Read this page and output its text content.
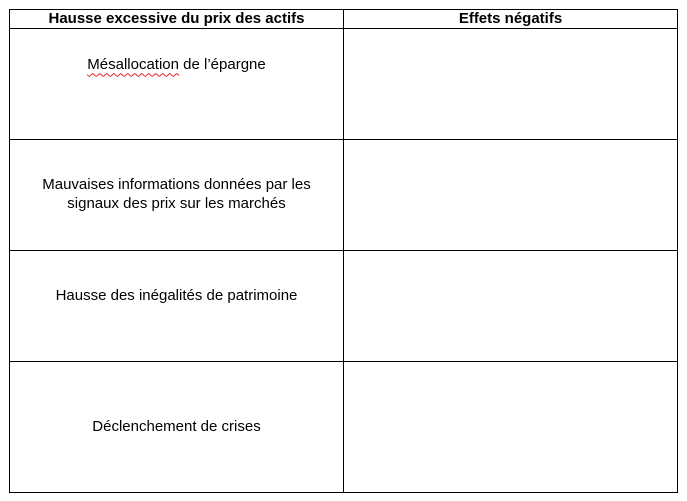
Hausse excessive du prix des actifs	Effets négatifs
Mésallocation de l’épargne	
Mauvaises informations données par les signaux des prix sur les marchés	
Hausse des inégalités de patrimoine	
Déclenchement de crises	
